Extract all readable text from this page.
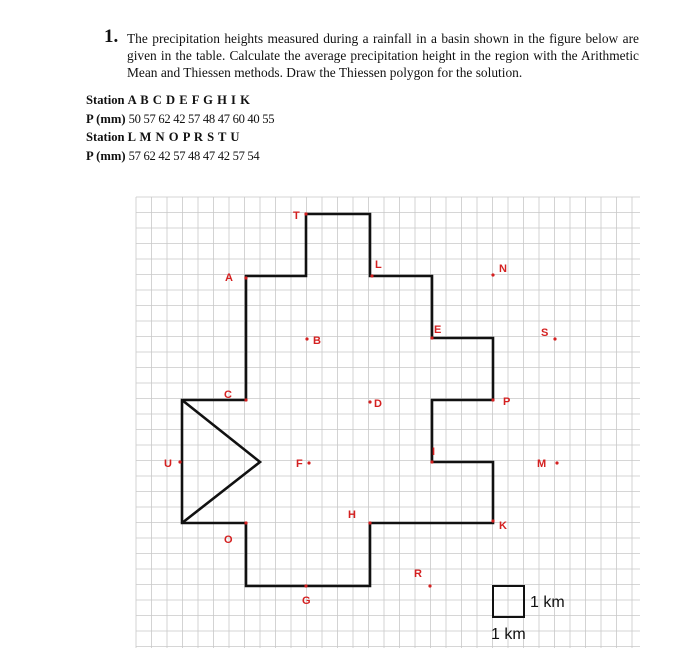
1. The precipitation heights measured during a rainfall in a basin shown in the figure below are given in the table. Calculate the average precipitation height in the region with the Arithmetic Mean and Thiessen methods. Draw the Thiessen polygon for the solution.
Station A B C D E F G H I K
P (mm) 50 57 62 42 57 48 47 60 40 55
Station L M N O P R S T U
P (mm) 57 62 42 57 48 47 42 57 54
A
B
C
D
E
F
G
H
I
K
L
M
N
O
P
R
S
T
U
1 km
1 km
